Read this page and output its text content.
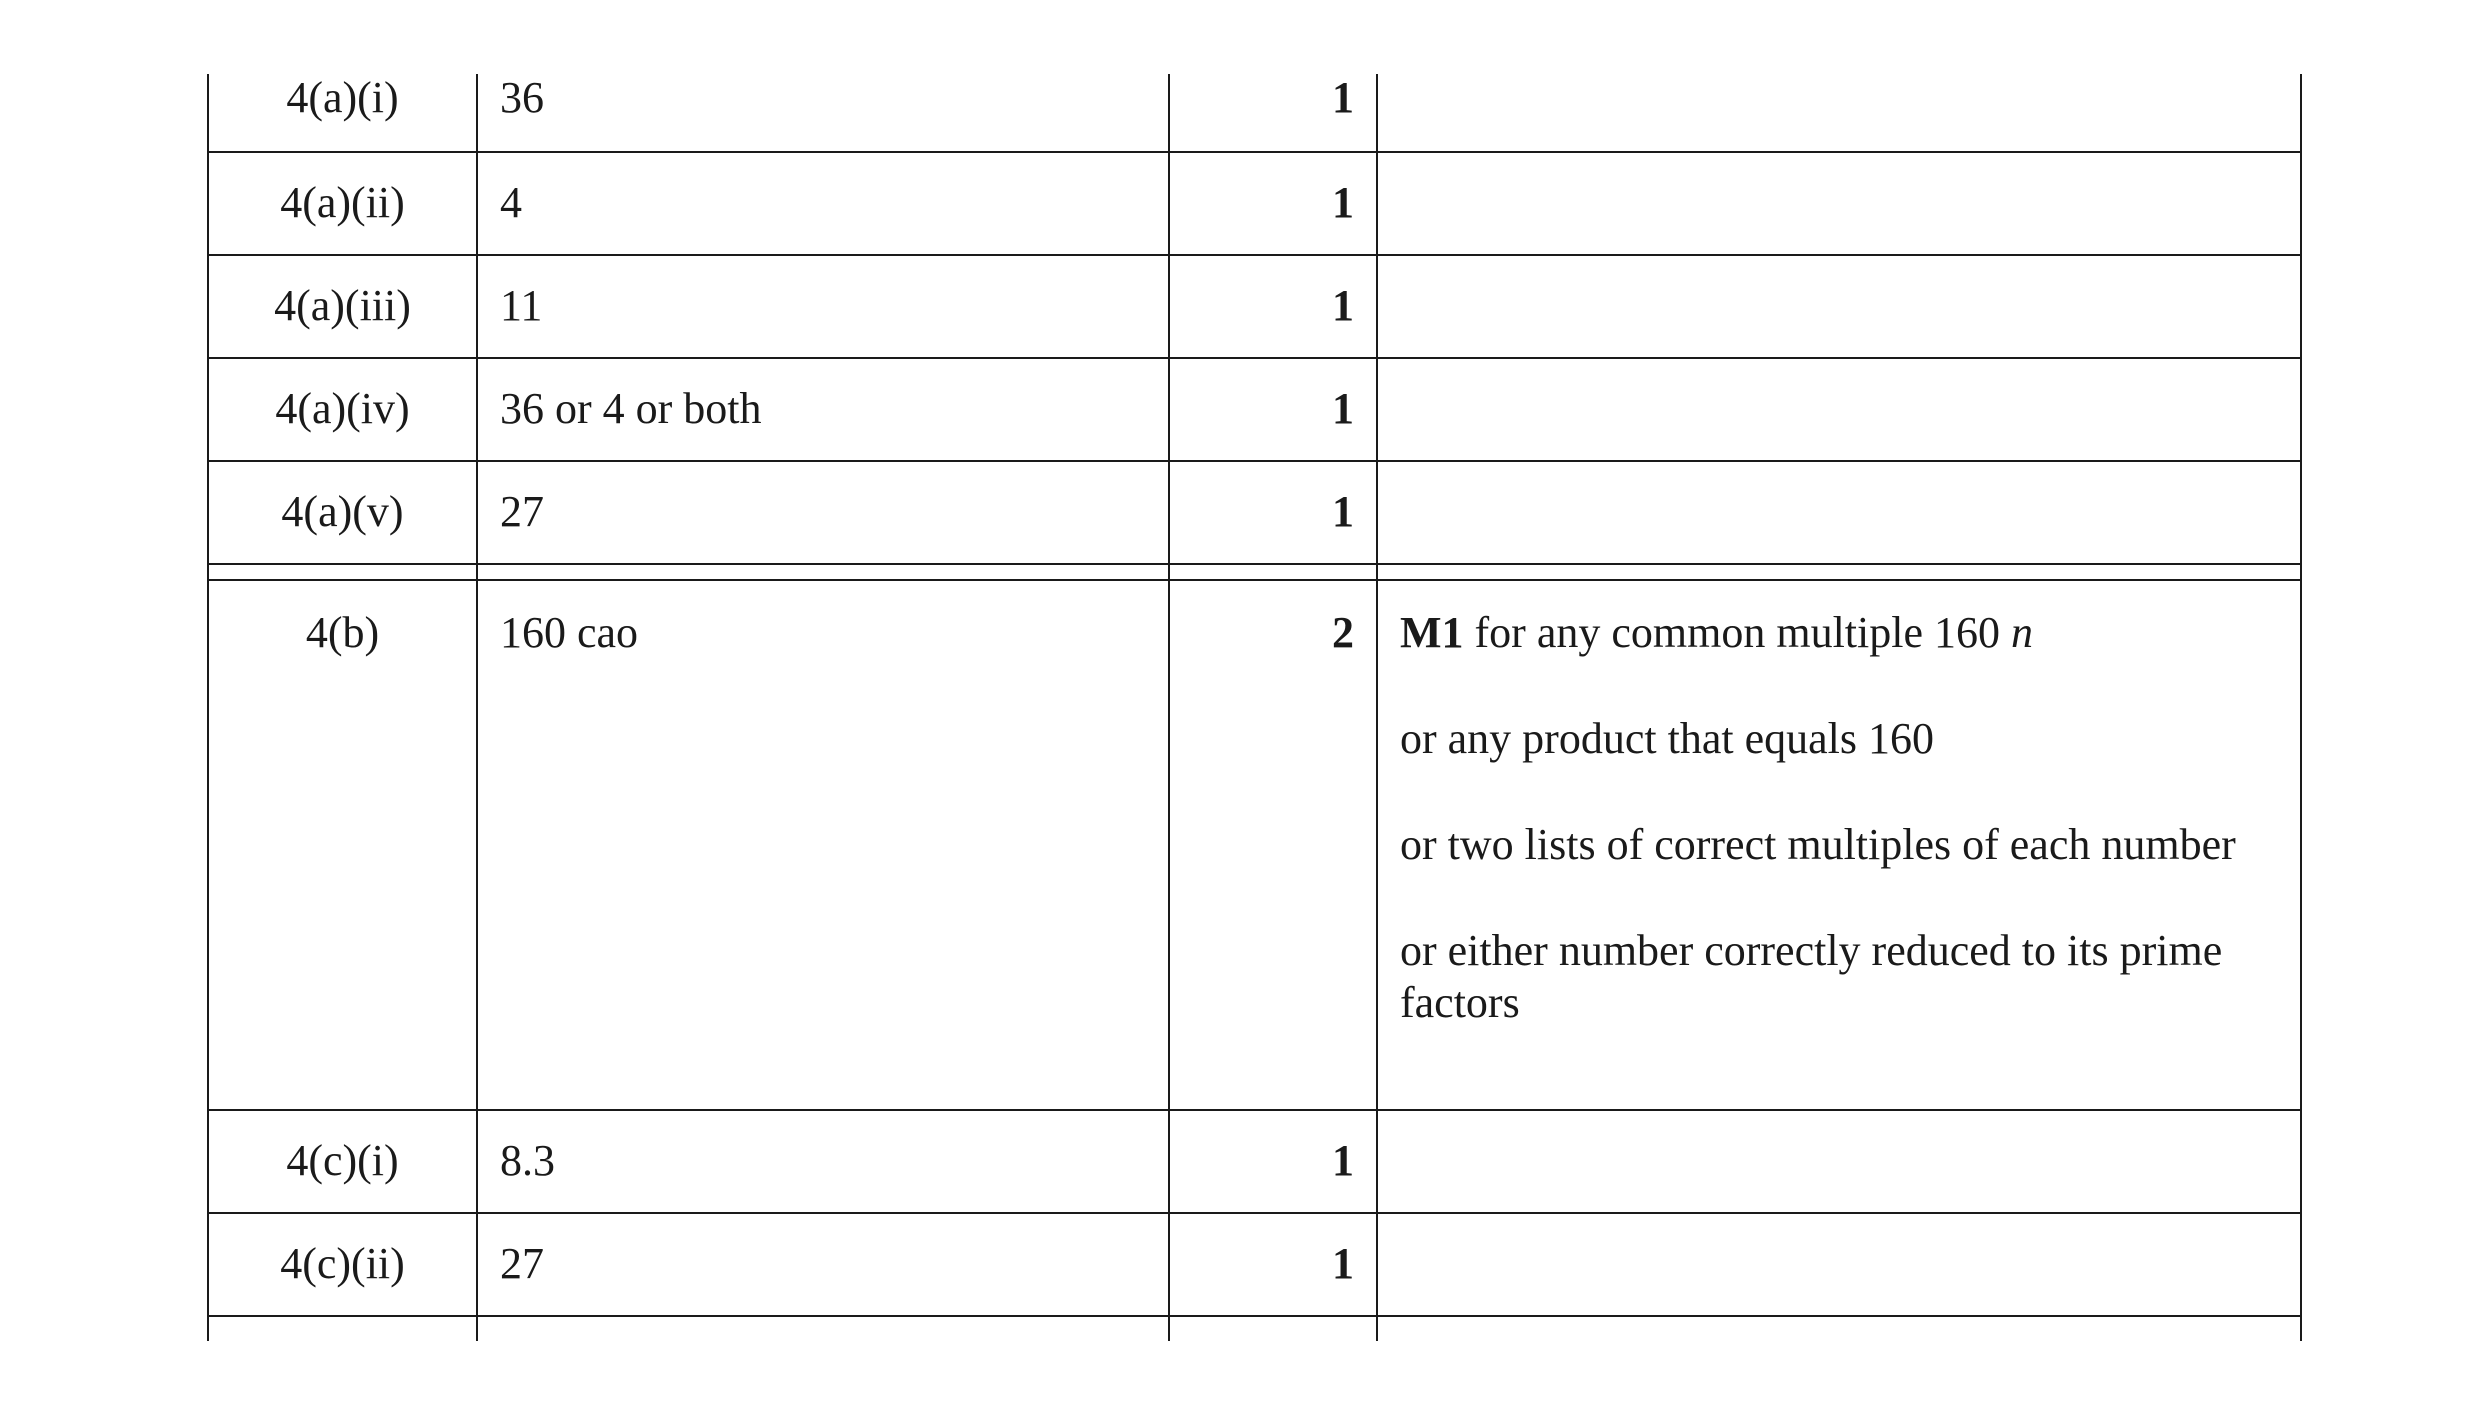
4(a)(i)	36	1	

4(a)(ii)	4	1	

4(a)(iii)	11	1	

4(a)(iv)	36 or 4 or both	1	

4(a)(v)	27	1	

4(b)	160 cao	2	M1 for any common multiple 160 n
or any product that equals 160
or two lists of correct multiples of each number
or either number correctly reduced to its prime factors

4(c)(i)	8.3	1	

4(c)(ii)	27	1	
